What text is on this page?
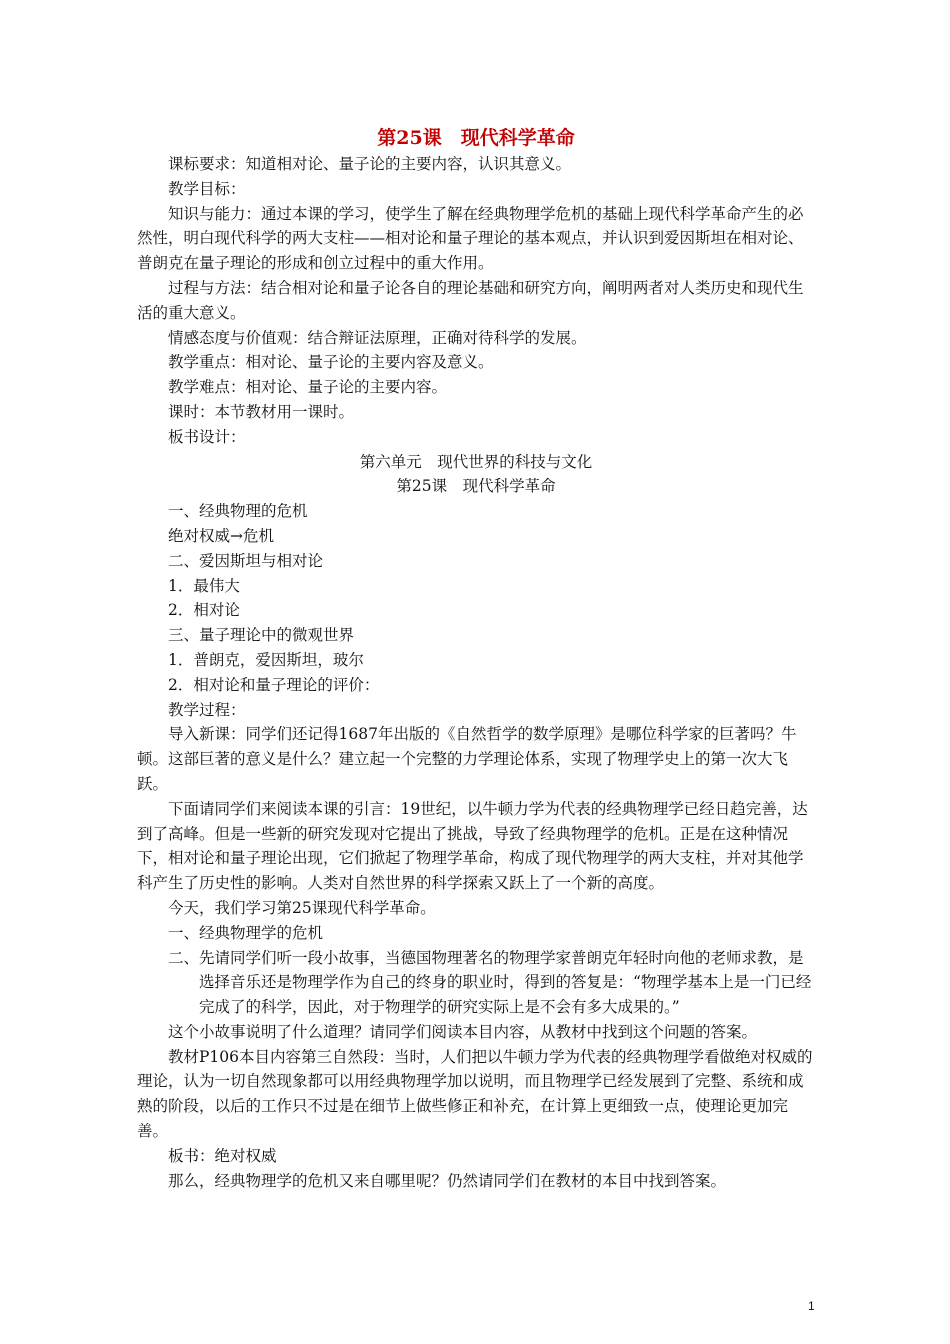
第25课　现代科学革命

课标要求：知道相对论、量子论的主要内容，认识其意义。

教学目标：

知识与能力：通过本课的学习，使学生了解在经典物理学危机的基础上现代科学革命产生的必然性，明白现代科学的两大支柱——相对论和量子理论的基本观点，并认识到爱因斯坦在相对论、普朗克在量子理论的形成和创立过程中的重大作用。

过程与方法：结合相对论和量子论各自的理论基础和研究方向，阐明两者对人类历史和现代生活的重大意义。

情感态度与价值观：结合辩证法原理，正确对待科学的发展。

教学重点：相对论、量子论的主要内容及意义。

教学难点：相对论、量子论的主要内容。

课时：本节教材用一课时。

板书设计：

第六单元　现代世界的科技与文化

第25课　现代科学革命

一、经典物理的危机

绝对权威→危机

二、爱因斯坦与相对论

1．最伟大

2．相对论

三、量子理论中的微观世界

1．普朗克，爱因斯坦，玻尔

2．相对论和量子理论的评价：

教学过程：

导入新课：同学们还记得1687年出版的《自然哲学的数学原理》是哪位科学家的巨著吗？牛顿。这部巨著的意义是什么？建立起一个完整的力学理论体系，实现了物理学史上的第一次大飞跃。

下面请同学们来阅读本课的引言：19世纪，以牛顿力学为代表的经典物理学已经日趋完善，达到了高峰。但是一些新的研究发现对它提出了挑战，导致了经典物理学的危机。正是在这种情况下，相对论和量子理论出现，它们掀起了物理学革命，构成了现代物理学的两大支柱，并对其他学科产生了历史性的影响。人类对自然世界的科学探索又跃上了一个新的高度。

今天，我们学习第25课现代科学革命。

一、经典物理学的危机

二、先请同学们听一段小故事，当德国物理著名的物理学家普朗克年轻时向他的老师求教，是选择音乐还是物理学作为自己的终身的职业时，得到的答复是：“物理学基本上是一门已经完成了的科学，因此，对于物理学的研究实际上是不会有多大成果的。”

这个小故事说明了什么道理？请同学们阅读本目内容，从教材中找到这个问题的答案。

教材P106本目内容第三自然段：当时，人们把以牛顿力学为代表的经典物理学看做绝对权威的理论，认为一切自然现象都可以用经典物理学加以说明，而且物理学已经发展到了完整、系统和成熟的阶段，以后的工作只不过是在细节上做些修正和补充，在计算上更细致一点，使理论更加完善。

板书：绝对权威

那么，经典物理学的危机又来自哪里呢？仍然请同学们在教材的本目中找到答案。

1
